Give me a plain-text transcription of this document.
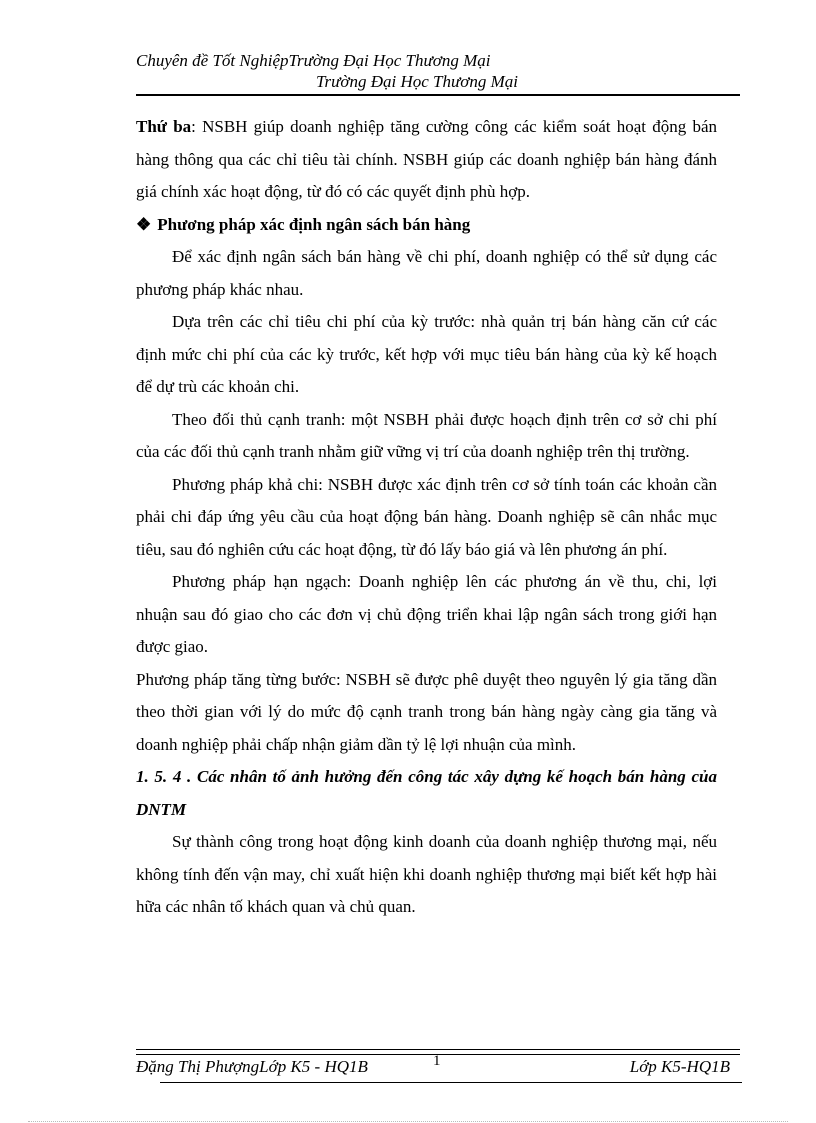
Chuyên đề Tốt NghiệpTrường Đại Học Thương Mại
Trường Đại Học Thương Mại

Thứ ba: NSBH giúp doanh nghiệp tăng cường công các kiểm soát hoạt động bán hàng thông qua các chỉ tiêu tài chính. NSBH giúp các doanh nghiệp bán hàng đánh giá chính xác hoạt động, từ đó có các quyết định phù hợp.

❖ Phương pháp xác định ngân sách bán hàng

Để xác định ngân sách bán hàng về chi phí, doanh nghiệp có thể sử dụng các phương pháp khác nhau.

Dựa trên các chỉ tiêu chi phí của kỳ trước: nhà quản trị bán hàng căn cứ các định mức chi phí của các kỳ trước, kết hợp với mục tiêu bán hàng của kỳ kế hoạch để dự trù các khoản chi.

Theo đối thủ cạnh tranh: một NSBH phải được hoạch định trên cơ sở chi phí của các đối thủ cạnh tranh nhằm giữ vững vị trí của doanh nghiệp trên thị trường.

Phương pháp khả chi: NSBH được xác định trên cơ sở tính toán các khoản cần phải chi đáp ứng yêu cầu của hoạt động bán hàng. Doanh nghiệp sẽ cân nhắc mục tiêu, sau đó nghiên cứu các hoạt động, từ đó lấy báo giá và lên phương án phí.

Phương pháp hạn ngạch: Doanh nghiệp lên các phương án về thu, chi, lợi nhuận sau đó giao cho các đơn vị chủ động triển khai lập ngân sách trong giới hạn được giao.

Phương pháp tăng từng bước: NSBH sẽ được phê duyệt theo nguyên lý gia tăng dần theo thời gian với lý do mức độ cạnh tranh trong bán hàng ngày càng gia tăng và doanh nghiệp phải chấp nhận giảm dần tỷ lệ lợi nhuận của mình.

1. 5. 4 . Các nhân tố ảnh hưởng đến công tác xây dựng kế hoạch bán hàng của DNTM

Sự thành công trong hoạt động kinh doanh của doanh nghiệp thương mại, nếu không tính đến vận may, chỉ xuất hiện khi doanh nghiệp thương mại biết kết hợp hài hữa các nhân tố khách quan và chủ quan.

Đặng Thị PhượngLớp K5 - HQ1B	1	Lớp K5-HQ1B
